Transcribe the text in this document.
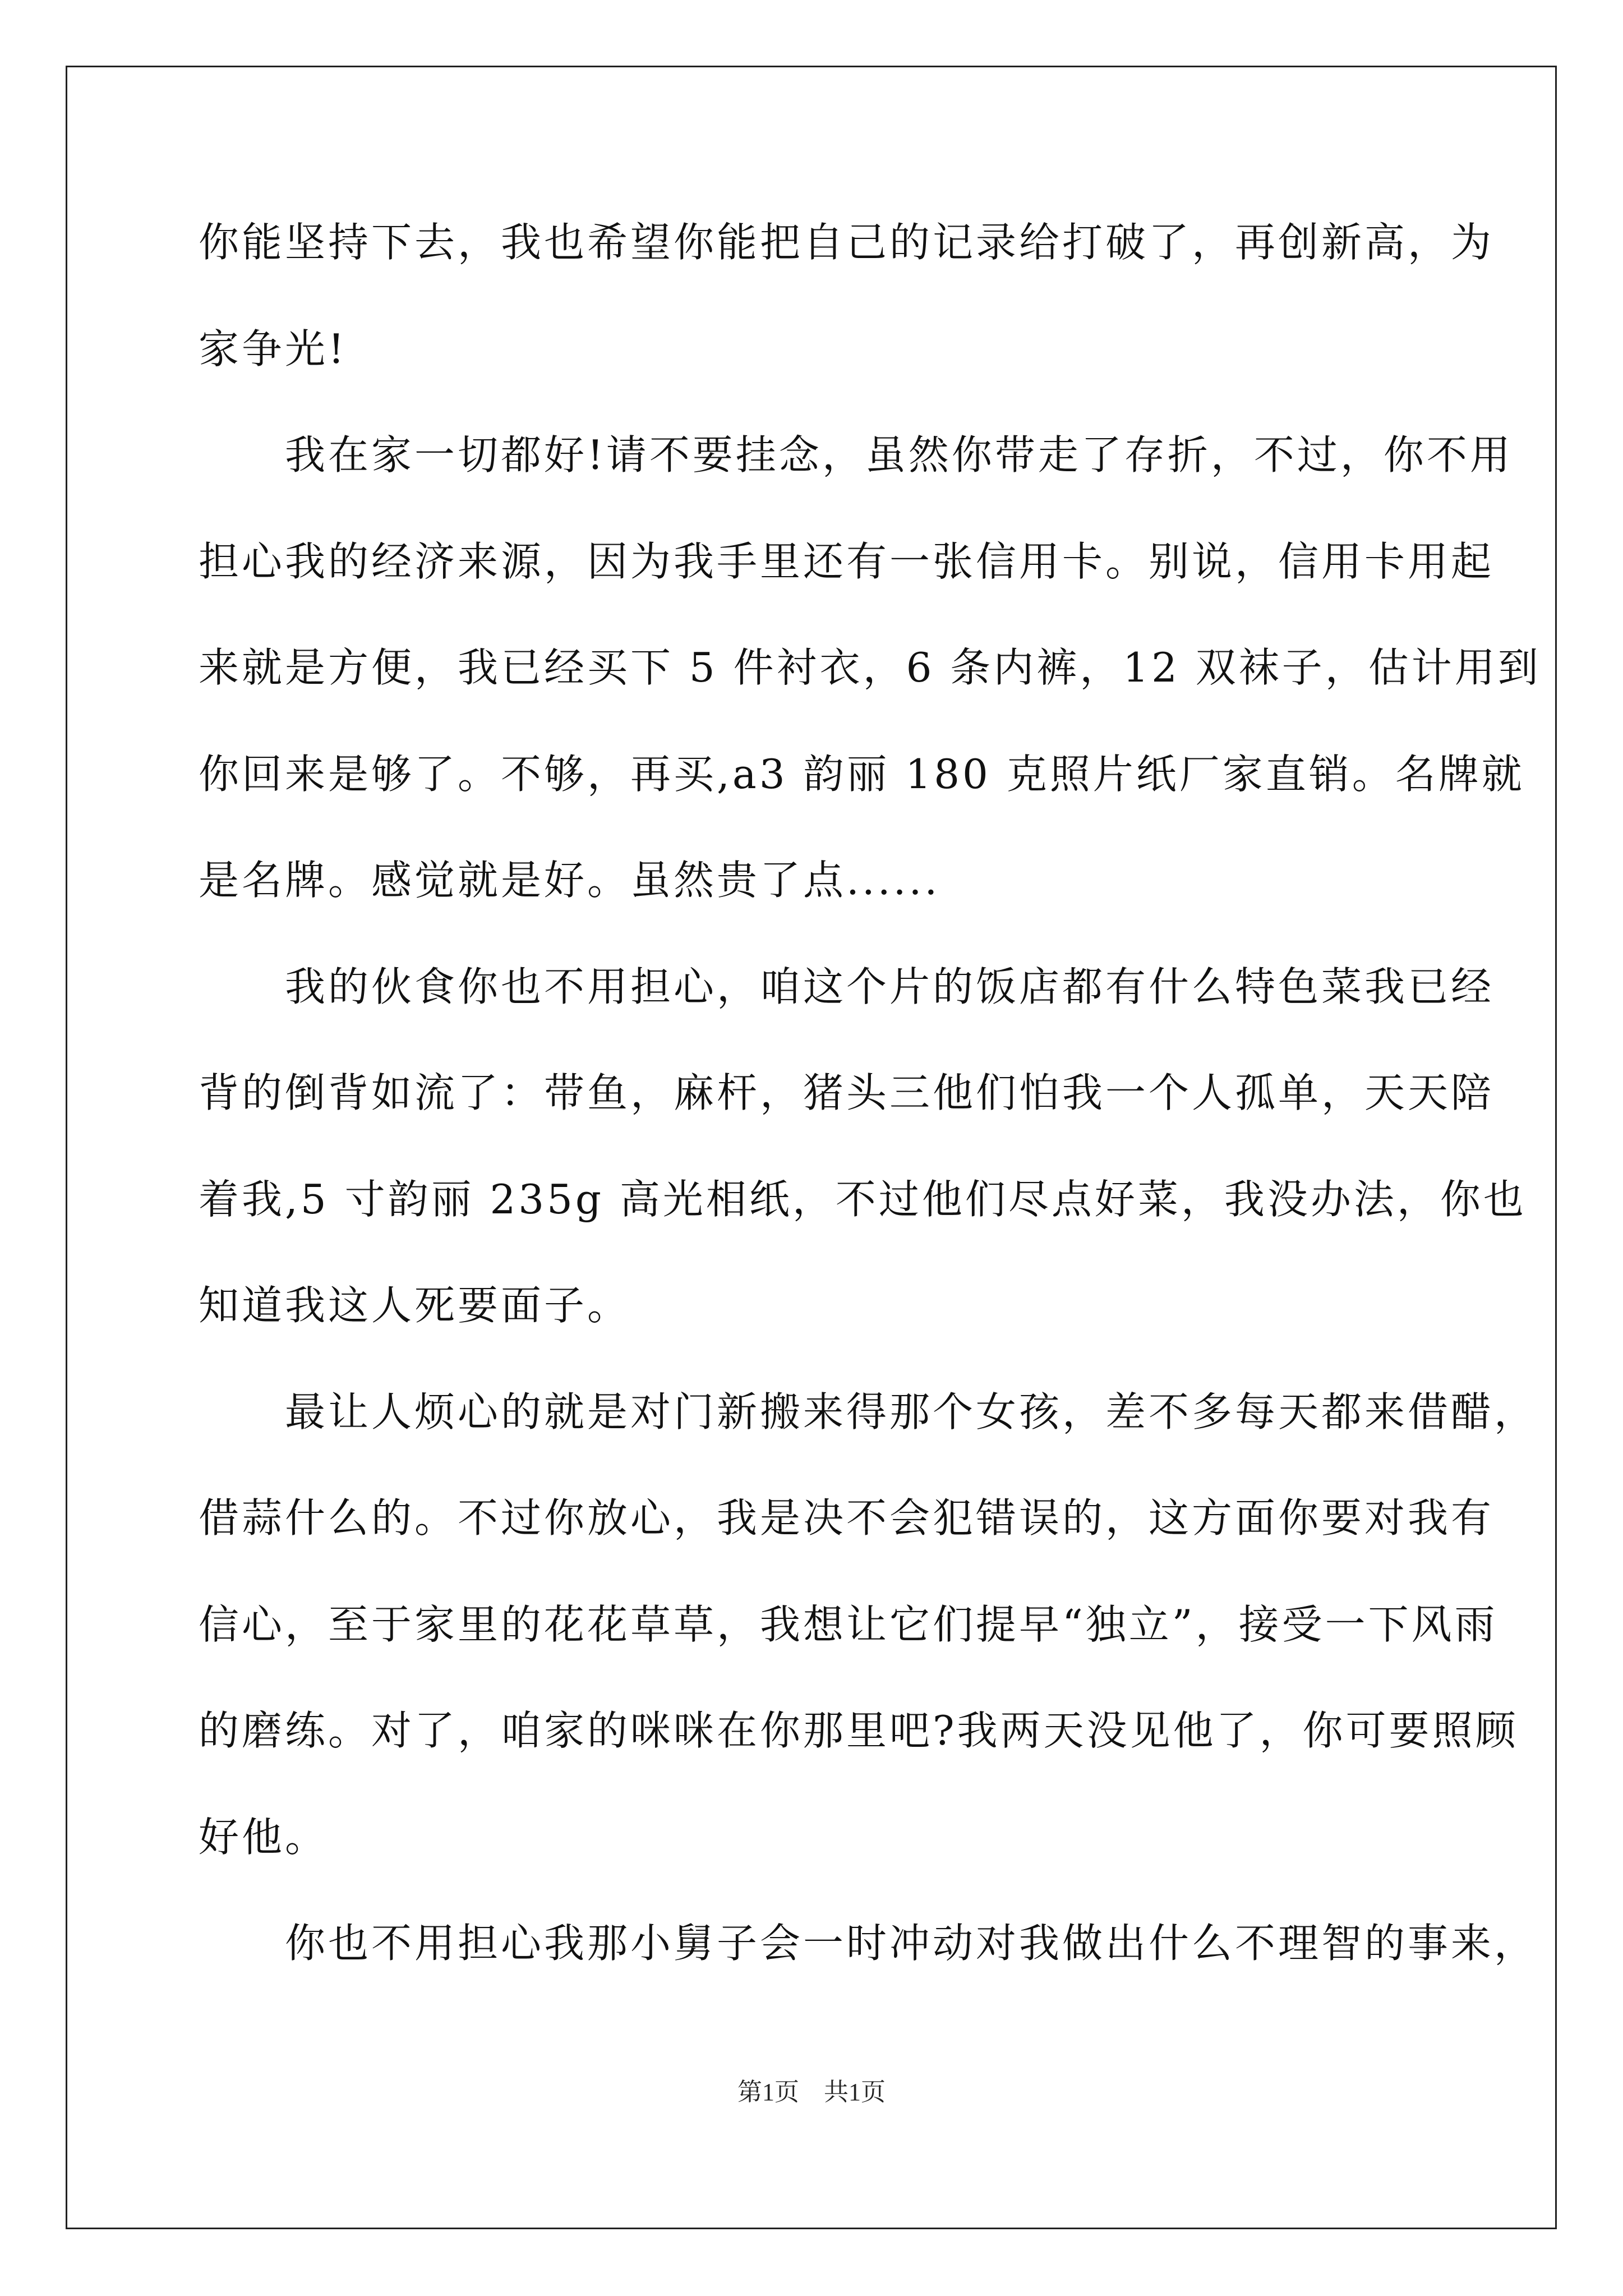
你能坚持下去，我也希望你能把自己的记录给打破了，再创新高，为
家争光!
　　我在家一切都好!请不要挂念，虽然你带走了存折，不过，你不用
担心我的经济来源，因为我手里还有一张信用卡。别说，信用卡用起
来就是方便，我已经买下 5 件衬衣，6 条内裤，12 双袜子，估计用到
你回来是够了。不够，再买,a3 韵丽 180 克照片纸厂家直销。名牌就
是名牌。感觉就是好。虽然贵了点......
　　我的伙食你也不用担心，咱这个片的饭店都有什么特色菜我已经
背的倒背如流了：带鱼，麻杆，猪头三他们怕我一个人孤单，天天陪
着我,5 寸韵丽 235g 高光相纸，不过他们尽点好菜，我没办法，你也
知道我这人死要面子。
　　最让人烦心的就是对门新搬来得那个女孩，差不多每天都来借醋，
借蒜什么的。不过你放心，我是决不会犯错误的，这方面你要对我有
信心，至于家里的花花草草，我想让它们提早“独立”，接受一下风雨
的磨练。对了，咱家的咪咪在你那里吧?我两天没见他了，你可要照顾
好他。
　　你也不用担心我那小舅子会一时冲动对我做出什么不理智的事来，
第1页　共1页
